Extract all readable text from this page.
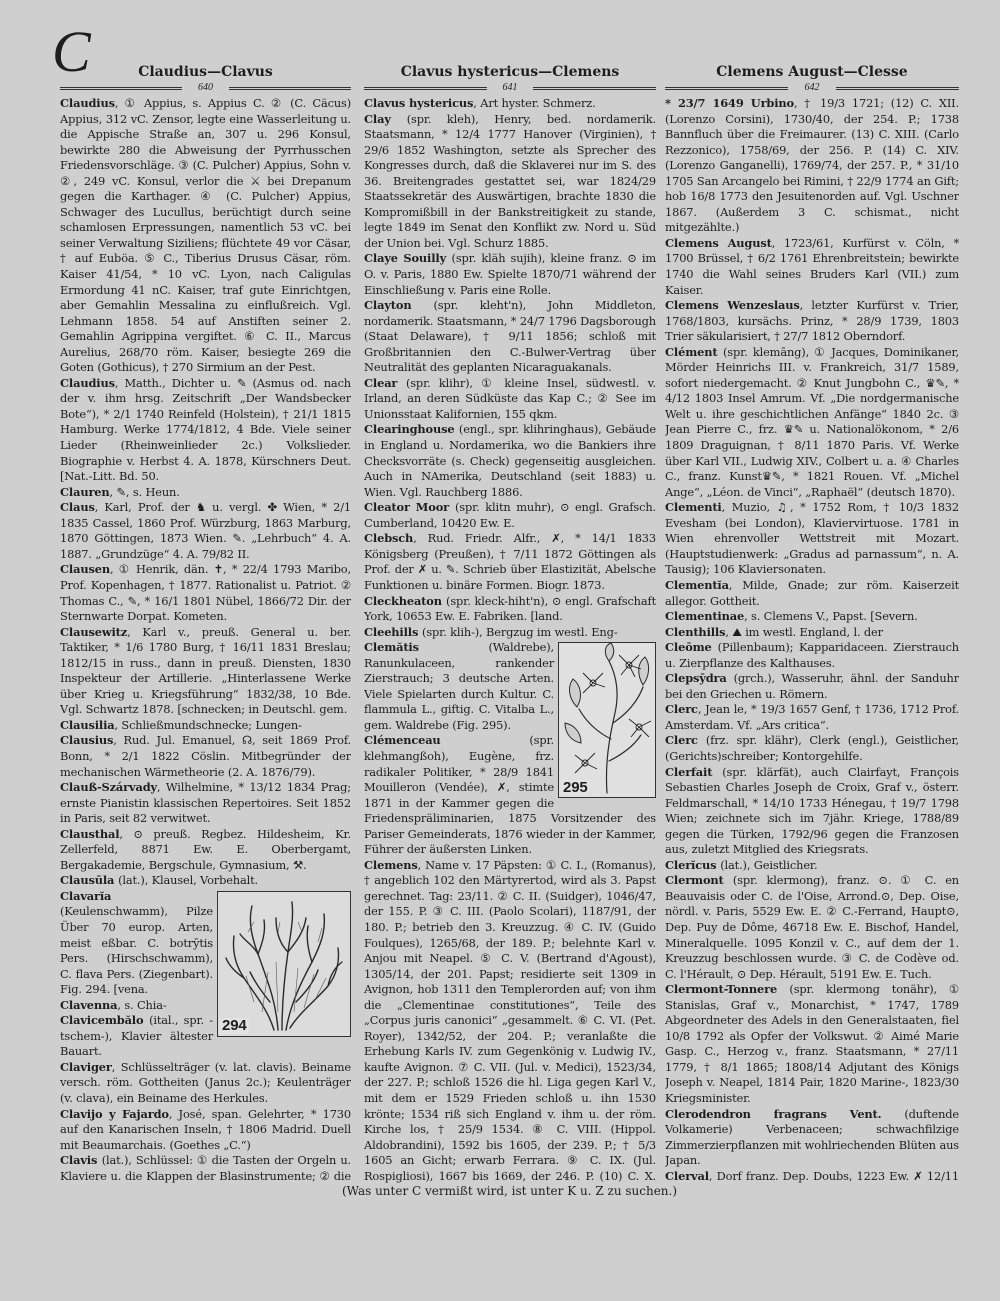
C	Claudius—Clavus	Clavus hystericus—Clemens	Clemens August—Clesse
640	641	642

Claudius, ① Appius, s. Appius C. ② (C. Cäcus) Appius, 312 vC. Zensor, legte eine Wasserleitung u. die Appische Straße an, 307 u. 296 Konsul, bewirkte 280 die Abweisung der Pyrrhusschen Friedensvorschläge. ③ (C. Pulcher) Appius, Sohn v. ②, 249 vC. Konsul, verlor die ⚔ bei Drepanum gegen die Karthager. ④ (C. Pulcher) Appius, Schwager des Lucullus, berüchtigt durch seine schamlosen Erpressungen, namentlich 53 vC. bei seiner Verwaltung Siziliens; flüchtete 49 vor Cäsar, † auf Euböa. ⑤ C., Tiberius Drusus Cäsar, röm. Kaiser 41/54, * 10 vC. Lyon, nach Caligulas Ermordung 41 nC. Kaiser, traf gute Einrichtgen, aber Gemahlin Messalina zu einflußreich. Vgl. Lehmann 1858. 54 auf Anstiften seiner 2. Gemahlin Agrippina vergiftet. ⑥ C. II., Marcus Aurelius, 268/70 röm. Kaiser, besiegte 269 die Goten (Gothicus), † 270 Sirmium an der Pest.

Claudius, Matth., Dichter u. ✎ (Asmus od. nach der v. ihm hrsg. Zeitschrift „Der Wandsbecker Bote“), * 2/1 1740 Reinfeld (Holstein), † 21/1 1815 Hamburg. Werke 1774/1812, 4 Bde. Viele seiner Lieder (Rheinweinlieder 2c.) Volkslieder. Biographie v. Herbst 4. A. 1878, Kürschners Deut. [Nat.-Litt. Bd. 50.

Clauren, ✎, s. Heun.

Claus, Karl, Prof. der ♞ u. vergl. ✤ Wien, * 2/1 1835 Cassel, 1860 Prof. Würzburg, 1863 Marburg, 1870 Göttingen, 1873 Wien. ✎. „Lehrbuch“ 4. A. 1887. „Grundzüge“ 4. A. 79/82 II.

Clausen, ① Henrik, dän. ✝, * 22/4 1793 Maribo, Prof. Kopenhagen, † 1877. Rationalist u. Patriot. ② Thomas C., ✎, * 16/1 1801 Nübel, 1866/72 Dir. der Sternwarte Dorpat. Kometen.

Clausewitz, Karl v., preuß. General u. ber. Taktiker, * 1/6 1780 Burg, † 16/11 1831 Breslau; 1812/15 in russ., dann in preuß. Diensten, 1830 Inspekteur der Artillerie. „Hinterlassene Werke über Krieg u. Kriegsführung“ 1832/38, 10 Bde. Vgl. Schwartz 1878. [schnecken; in Deutschl. gem.

Clausilia, Schließmundschnecke; Lungen-

Clausius, Rud. Jul. Emanuel, ☊, seit 1869 Prof. Bonn, * 2/1 1822 Cöslin. Mitbegründer der mechanischen Wärmetheorie (2. A. 1876/79).

Clauß-Szárvady, Wilhelmine, * 13/12 1834 Prag; ernste Pianistin klassischen Repertoires. Seit 1852 in Paris, seit 82 verwitwet.

Clausthal, ⊙ preuß. Regbez. Hildesheim, Kr. Zellerfeld, 8871 Ew. E. Oberbergamt, Bergakademie, Bergschule, Gymnasium, ⚒.

Clausūla (lat.), Klausel, Vorbehalt.

294

Clavarĭa (Keulenschwamm), Pilze Über 70 europ. Arten, meist eßbar. C. botrȳtis Pers. (Hirschschwamm), C. flava Pers. (Ziegenbart). Fig. 294. [vena.

Clavenna, s. Chia-

Clavicembălo (ital., spr. -tschem-), Klavier ältester Bauart.

Claviger, Schlüsselträger (v. lat. clavis). Beiname versch. röm. Gottheiten (Janus 2c.); Keulenträger (v. clava), ein Beiname des Herkules.

Clavijo y Fajardo, José, span. Gelehrter, * 1730 auf den Kanarischen Inseln, † 1806 Madrid. Duell mit Beaumarchais. (Goethes „C.“)

Clavis (lat.), Schlüssel: ① die Tasten der Orgeln u. Klaviere u. die Klappen der Blasinstrumente; ② die

Clavus hystericus, Art hyster. Schmerz.

Clay (spr. kleh), Henry, bed. nordamerik. Staatsmann, * 12/4 1777 Hanover (Virginien), † 29/6 1852 Washington, setzte als Sprecher des Kongresses durch, daß die Sklaverei nur im S. des 36. Breitengrades gestattet sei, war 1824/29 Staatssekretär des Auswärtigen, brachte 1830 die Kompromißbill in der Bankstreitigkeit zu stande, legte 1849 im Senat den Konflikt zw. Nord u. Süd der Union bei. Vgl. Schurz 1885.

Claye Souilly (spr. kläh sujih), kleine franz. ⊙ im O. v. Paris, 1880 Ew. Spielte 1870/71 während der Einschließung v. Paris eine Rolle.

Clayton (spr. kleht'n), John Middleton, nordamerik. Staatsmann, * 24/7 1796 Dagsborough (Staat Delaware), † 9/11 1856; schloß mit Großbritannien den C.-Bulwer-Vertrag über Neutralität des geplanten Nicaraguakanals.

Clear (spr. klihr), ① kleine Insel, südwestl. v. Irland, an deren Südküste das Kap C.; ② See im Unionsstaat Kalifornien, 155 qkm.

Clearinghouse (engl., spr. klihringhaus), Gebäude in England u. Nordamerika, wo die Bankiers ihre Checksvorräte (s. Check) gegenseitig ausgleichen. Auch in NAmerika, Deutschland (seit 1883) u. Wien. Vgl. Rauchberg 1886.

Cleator Moor (spr. klitn muhr), ⊙ engl. Grafsch. Cumberland, 10420 Ew. E.

Clebsch, Rud. Friedr. Alfr., ✗, * 14/1 1833 Königsberg (Preußen), † 7/11 1872 Göttingen als Prof. der ✗ u. ✎. Schrieb über Elastizität, Abelsche Funktionen u. binäre Formen. Biogr. 1873.

Cleckheaton (spr. kleck-hiht'n), ⊙ engl. Grafschaft York, 10653 Ew. E. Fabriken. [land.

Cleehills (spr. klih-), Bergzug im westl. Eng-

295

Clemătis (Waldrebe), Ranunkulaceen, rankender Zierstrauch; 3 deutsche Arten. Viele Spielarten durch Kultur. C. flammula L., giftig. C. Vitalba L., gem. Waldrebe (Fig. 295).

Clémenceau (spr. klehmangßoh), Eugène, frz. radikaler Politiker, * 28/9 1841 Mouilleron (Vendée), ✗, stimte 1871 in der Kammer gegen die Friedenspräliminarien, 1875 Vorsitzender des Pariser Gemeinderats, 1876 wieder in der Kammer, Führer der äußersten Linken.

Clemens, Name v. 17 Päpsten: ① C. I., (Romanus), † angeblich 102 den Märtyrertod, wird als 3. Papst gerechnet. Tag: 23/11. ② C. II. (Suidger), 1046/47, der 155. P. ③ C. III. (Paolo Scolari), 1187/91, der 180. P.; betrieb den 3. Kreuzzug. ④ C. IV. (Guido Foulques), 1265/68, der 189. P.; belehnte Karl v. Anjou mit Neapel. ⑤ C. V. (Bertrand d'Agoust), 1305/14, der 201. Papst; residierte seit 1309 in Avignon, hob 1311 den Templerorden auf; von ihm die „Clementinae constitutiones“, Teile des „Corpus juris canonici“ „gesammelt. ⑥ C. VI. (Pet. Royer), 1342/52, der 204. P.; veranlaßte die Erhebung Karls IV. zum Gegenkönig v. Ludwig IV., kaufte Avignon. ⑦ C. VII. (Jul. v. Medici), 1523/34, der 227. P.; schloß 1526 die hl. Liga gegen Karl V., mit dem er 1529 Frieden schloß u. ihn 1530 krönte; 1534 riß sich England v. ihm u. der röm. Kirche los, † 25/9 1534. ⑧ C. VIII. (Hippol. Aldobrandini), 1592 bis 1605, der 239. P.; † 5/3 1605 an Gicht; erwarb Ferrara. ⑨ C. IX. (Jul. Rospigliosi), 1667 bis 1669, der 246. P. (10) C. X.

* 23/7 1649 Urbino, † 19/3 1721; (12) C. XII. (Lorenzo Corsini), 1730/40, der 254. P.; 1738 Bannfluch über die Freimaurer. (13) C. XIII. (Carlo Rezzonico), 1758/69, der 256. P. (14) C. XIV. (Lorenzo Ganganelli), 1769/74, der 257. P., * 31/10 1705 San Arcangelo bei Rimini, † 22/9 1774 an Gift; hob 16/8 1773 den Jesuitenorden auf. Vgl. Uschner 1867. (Außerdem 3 C. schismat., nicht mitgezählte.)

Clemens August, 1723/61, Kurfürst v. Cöln, * 1700 Brüssel, † 6/2 1761 Ehrenbreitstein; bewirkte 1740 die Wahl seines Bruders Karl (VII.) zum Kaiser.

Clemens Wenzeslaus, letzter Kurfürst v. Trier, 1768/1803, kursächs. Prinz, * 28/9 1739, 1803 Trier säkularisiert, † 27/7 1812 Oberndorf.

Clément (spr. klemāng), ① Jacques, Dominikaner, Mörder Heinrichs III. v. Frankreich, 31/7 1589, sofort niedergemacht. ② Knut Jungbohn C., ♛✎, * 4/12 1803 Insel Amrum. Vf. „Die nordgermanische Welt u. ihre geschichtlichen Anfänge“ 1840 2c. ③ Jean Pierre C., frz. ♛✎ u. Nationalökonom, * 2/6 1809 Draguignan, † 8/11 1870 Paris. Vf. Werke über Karl VII., Ludwig XIV., Colbert u. a. ④ Charles C., franz. Kunst♛✎, * 1821 Rouen. Vf. „Michel Ange“, „Léon. de Vinci“, „Raphaël“ (deutsch 1870).

Clementi, Muzio, ♫, * 1752 Rom, † 10/3 1832 Evesham (bei London), Klaviervirtuose. 1781 in Wien ehrenvoller Wettstreit mit Mozart. (Hauptstudienwerk: „Gradus ad parnassum“, n. A. Tausig); 106 Klaviersonaten.

Clementĭa, Milde, Gnade; zur röm. Kaiserzeit allegor. Gottheit.

Clementinae, s. Clemens V., Papst. [Severn.

Clenthills, ⛰ im westl. England, l. der

Cleōme (Pillenbaum); Kapparidaceen. Zierstrauch u. Zierpflanze des Kalthauses.

Clepsȳdra (grch.), Wasseruhr, ähnl. der Sanduhr bei den Griechen u. Römern.

Clerc, Jean le, * 19/3 1657 Genf, † 1736, 1712 Prof. Amsterdam. Vf. „Ars critica“.

Clerc (frz. spr. klähr), Clerk (engl.), Geistlicher, (Gerichts)schreiber; Kontorgehilfe.

Clerfait (spr. klärfät), auch Clairfayt, François Sebastien Charles Joseph de Croix, Graf v., österr. Feldmarschall, * 14/10 1733 Hénegau, † 19/7 1798 Wien; zeichnete sich im 7jähr. Kriege, 1788/89 gegen die Türken, 1792/96 gegen die Franzosen aus, zuletzt Mitglied des Kriegsrats.

Clerĭcus (lat.), Geistlicher.

Clermont (spr. klermong), franz. ⊙. ① C. en Beauvaisis oder C. de l'Oise, Arrond.⊙, Dep. Oise, nördl. v. Paris, 5529 Ew. E. ② C.-Ferrand, Haupt⊙, Dep. Puy de Dôme, 46718 Ew. E. Bischof, Handel, Mineralquelle. 1095 Konzil v. C., auf dem der 1. Kreuzzug beschlossen wurde. ③ C. de Codève od. C. l'Hérault, ⊙ Dep. Hérault, 5191 Ew. E. Tuch.

Clermont-Tonnere (spr. klermong tonähr), ① Stanislas, Graf v., Monarchist, * 1747, 1789 Abgeordneter des Adels in den Generalstaaten, fiel 10/8 1792 als Opfer der Volkswut. ② Aimé Marie Gasp. C., Herzog v., franz. Staatsmann, * 27/11 1779, † 8/1 1865; 1808/14 Adjutant des Königs Joseph v. Neapel, 1814 Pair, 1820 Marine-, 1823/30 Kriegsminister.

Clerodendron fragrans Vent. (duftende Volkamerie) Verbenaceen; schwachfilzige Zimmerzierpflanzen mit wohlriechenden Blüten aus Japan.

Clerval, Dorf franz. Dep. Doubs, 1223 Ew. ✗ 12/11

(Was unter C vermißt wird, ist unter K u. Z zu suchen.)
